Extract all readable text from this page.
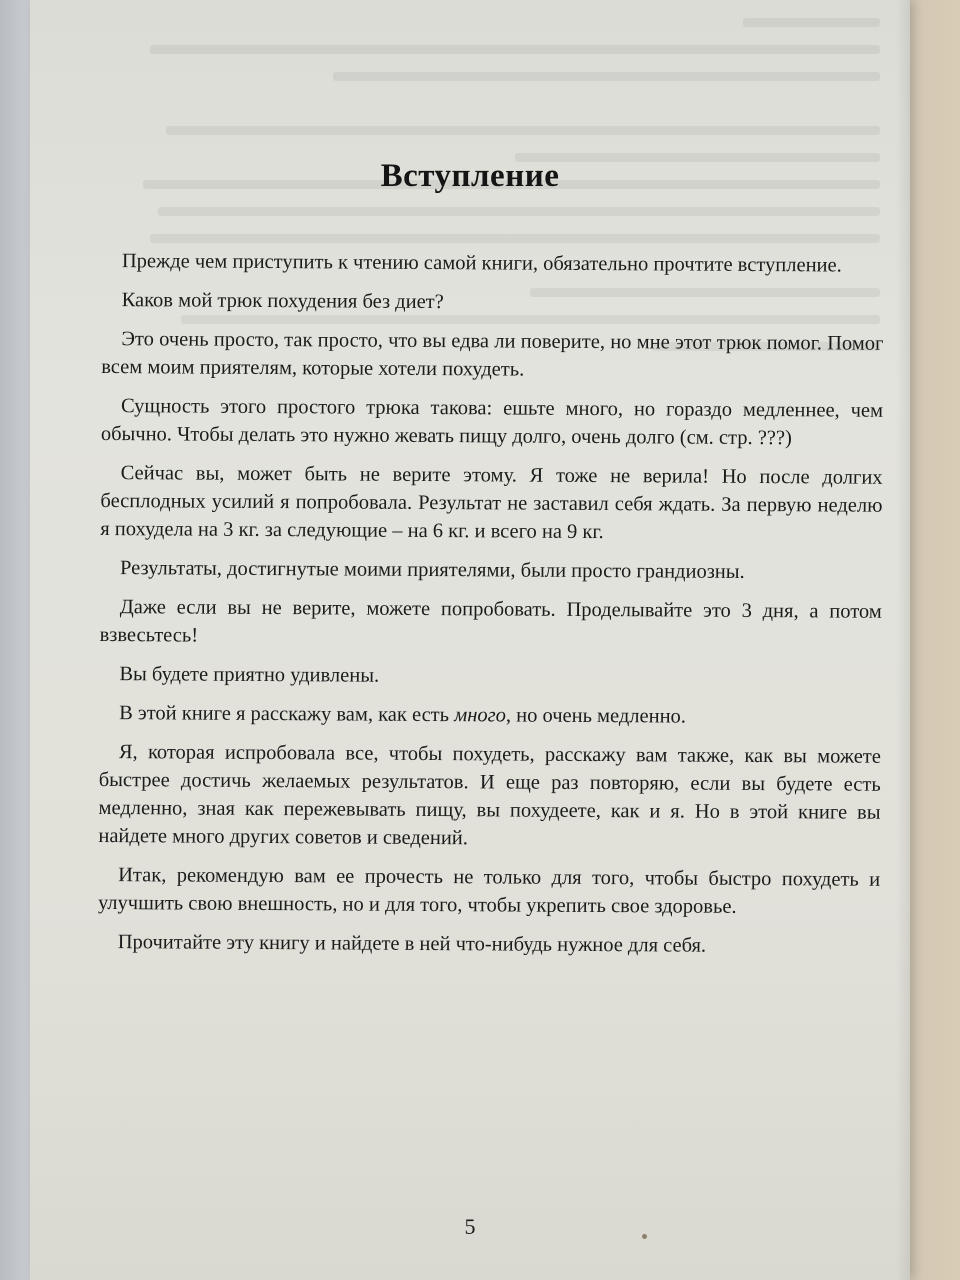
Вступление

Прежде чем приступить к чтению самой книги, обязательно прочтите вступление.

Каков мой трюк похудения без диет?

Это очень просто, так просто, что вы едва ли поверите, но мне этот трюк помог. Помог всем моим приятелям, которые хотели похудеть.

Сущность этого простого трюка такова: ешьте много, но гораздо медленнее, чем обычно. Чтобы делать это нужно жевать пищу долго, очень долго (см. стр. ???)

Сейчас вы, может быть не верите этому. Я тоже не верила! Но после долгих бесплодных усилий я попробовала. Результат не заставил себя ждать. За первую неделю я похудела на 3 кг. за следующие – на 6 кг. и всего на 9 кг.

Результаты, достигнутые моими приятелями, были просто грандиозны.

Даже если вы не верите, можете попробовать. Проделывайте это 3 дня, а потом взвесьтесь!

Вы будете приятно удивлены.

В этой книге я расскажу вам, как есть много, но очень медленно.

Я, которая испробовала все, чтобы похудеть, расскажу вам также, как вы можете быстрее достичь желаемых результатов. И еще раз повторяю, если вы будете есть медленно, зная как пережевывать пищу, вы похудеете, как и я. Но в этой книге вы найдете много других советов и сведений.

Итак, рекомендую вам ее прочесть не только для того, чтобы быстро похудеть и улучшить свою внешность, но и для того, чтобы укрепить свое здоровье.

Прочитайте эту книгу и найдете в ней что-нибудь нужное для себя.

5
